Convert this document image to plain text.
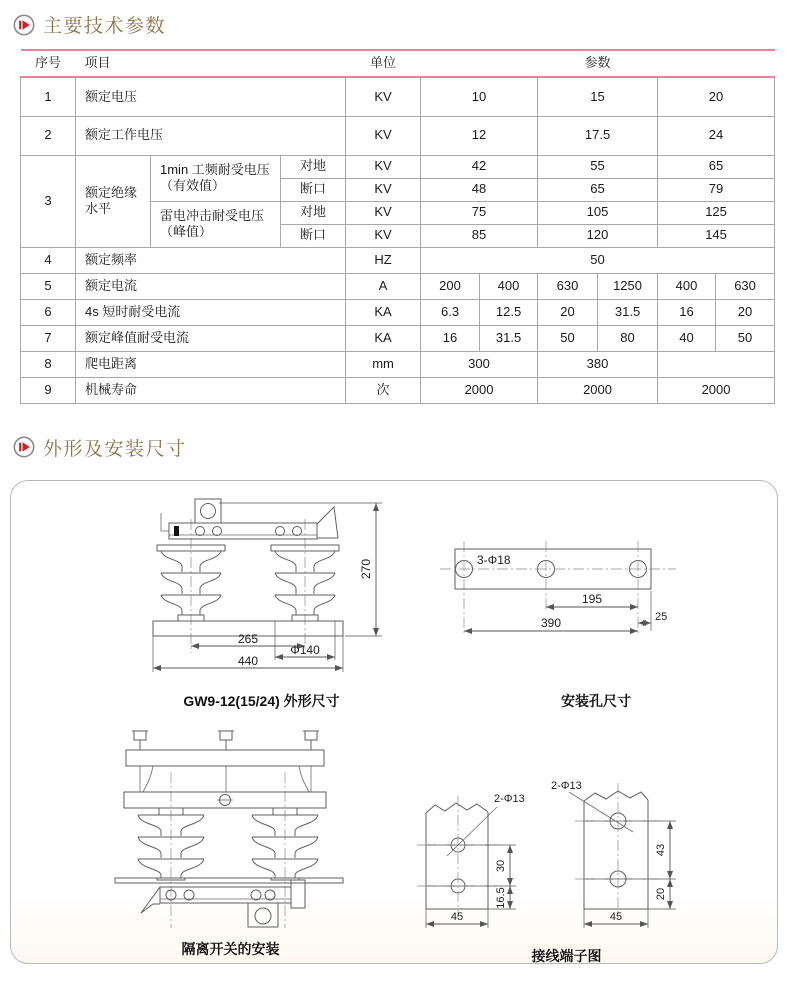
主要技术参数
序号	项目			单位	参数					
1	额定电压			KV	10		15		20	
2	额定工作电压			KV	12		17.5		24	
3	额定绝缘水平	1min 工频耐受电压（有效值）	对地	KV	42		55		65	
			断口	KV	48		65		79	
		雷电冲击耐受电压（峰值）	对地	KV	75		105		125	
			断口	KV	85		120		145	
4	额定频率			HZ	50					
5	额定电流			A	200	400	630	1250	400	630
6	4s 短时耐受电流			KA	6.3	12.5	20	31.5	16	20
7	额定峰值耐受电流			KA	16	31.5	50	80	40	50
8	爬电距离			mm	300		380			
9	机械寿命			次	2000		2000		2000	
外形及安装尺寸
270
265
Φ140
440
GW9-12(15/24) 外形尺寸
3-Φ18
195
25
390
安装孔尺寸
隔离开关的安装
2-Φ13
30
16.5
45
2-Φ13
43
20
45
接线端子图
